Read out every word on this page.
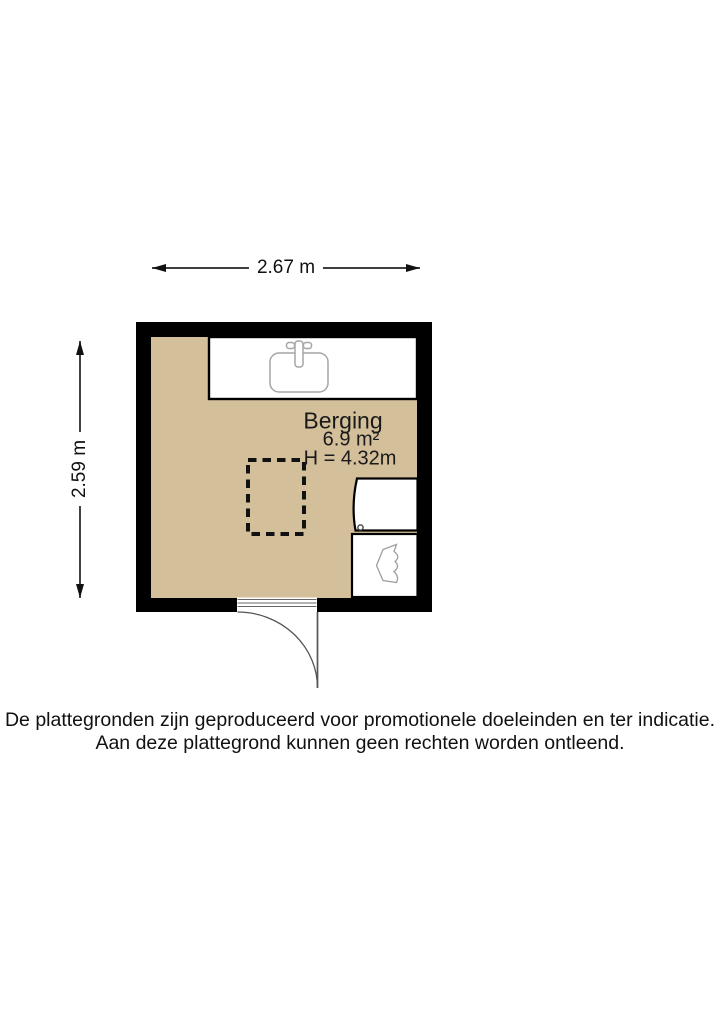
2.67 m
2.59 m
Berging
6.9 m²
H = 4.32m
De plattegronden zijn geproduceerd voor promotionele doeleinden en ter indicatie.
Aan deze plattegrond kunnen geen rechten worden ontleend.
